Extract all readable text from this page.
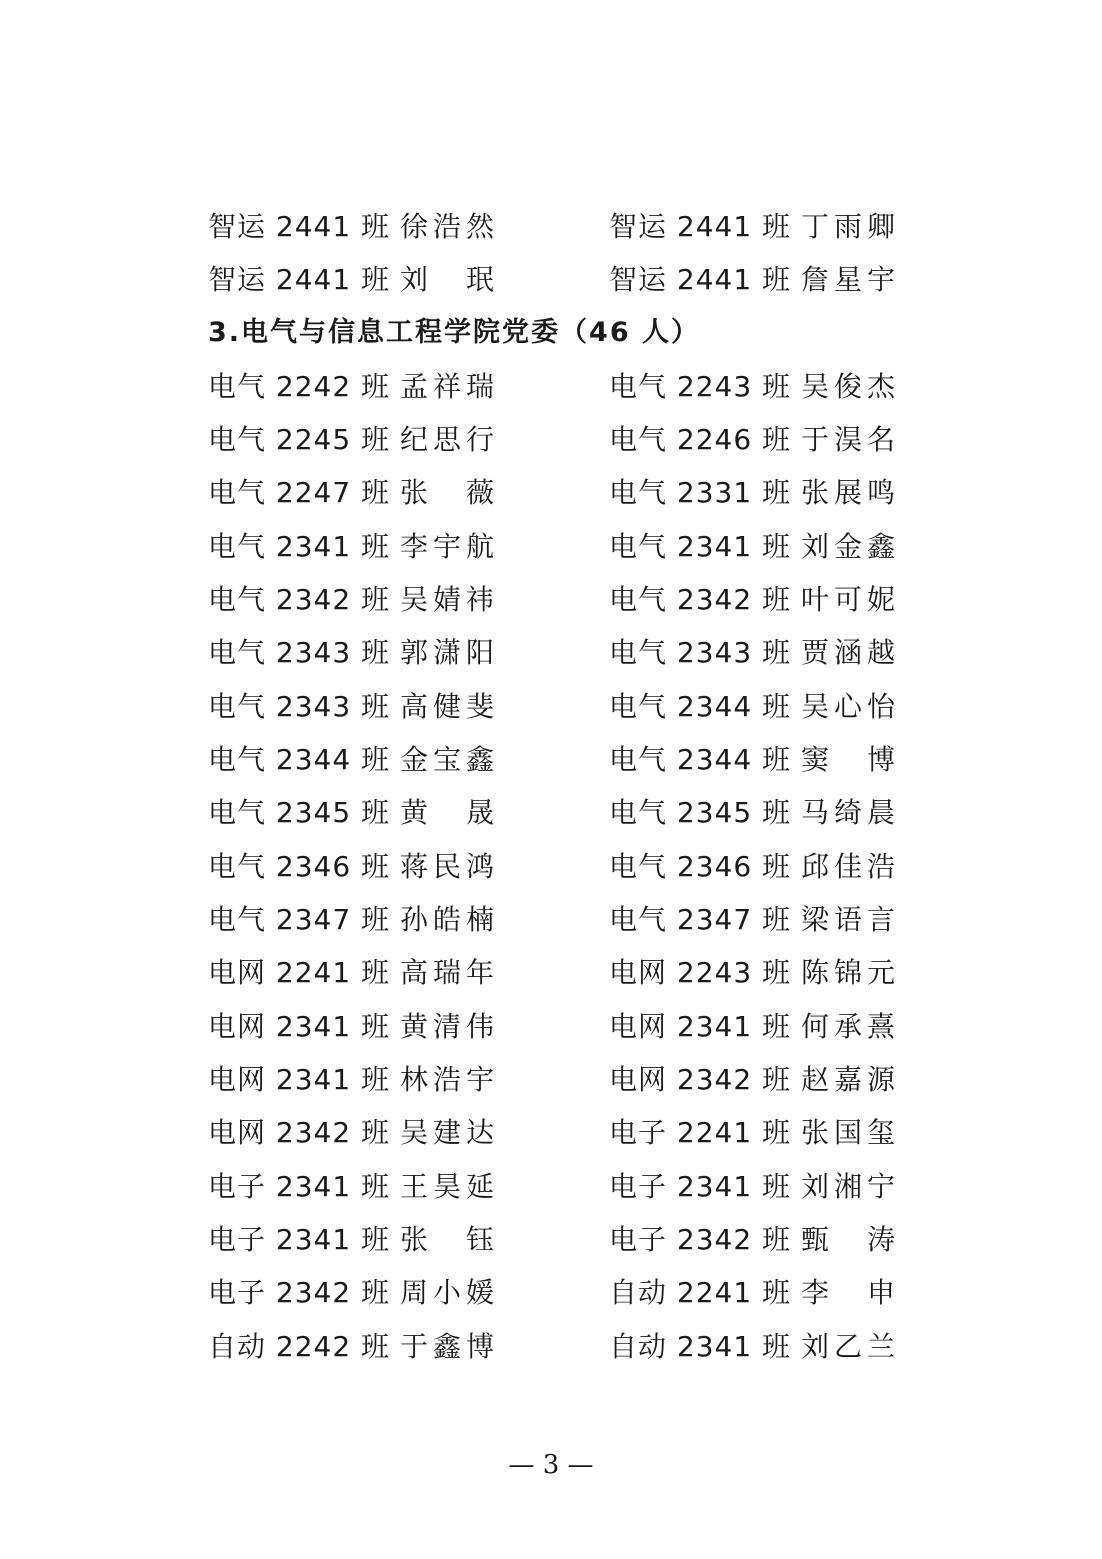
智运 2441 班 徐浩然	智运 2441 班 丁雨卿
智运 2441 班 刘　珉	智运 2441 班 詹星宇
3.电气与信息工程学院党委（46 人）
电气 2242 班 孟祥瑞	电气 2243 班 吴俊杰
电气 2245 班 纪思行	电气 2246 班 于淏名
电气 2247 班 张　薇	电气 2331 班 张展鸣
电气 2341 班 李宇航	电气 2341 班 刘金鑫
电气 2342 班 吴婧祎	电气 2342 班 叶可妮
电气 2343 班 郭潇阳	电气 2343 班 贾涵越
电气 2343 班 高健斐	电气 2344 班 吴心怡
电气 2344 班 金宝鑫	电气 2344 班 窦　博
电气 2345 班 黄　晟	电气 2345 班 马绮晨
电气 2346 班 蒋民鸿	电气 2346 班 邱佳浩
电气 2347 班 孙皓楠	电气 2347 班 梁语言
电网 2241 班 高瑞年	电网 2243 班 陈锦元
电网 2341 班 黄清伟	电网 2341 班 何承熹
电网 2341 班 林浩宇	电网 2342 班 赵嘉源
电网 2342 班 吴建达	电子 2241 班 张国玺
电子 2341 班 王昊延	电子 2341 班 刘湘宁
电子 2341 班 张　钰	电子 2342 班 甄　涛
电子 2342 班 周小媛	自动 2241 班 李　申
自动 2242 班 于鑫博	自动 2341 班 刘乙兰
— 3 —
